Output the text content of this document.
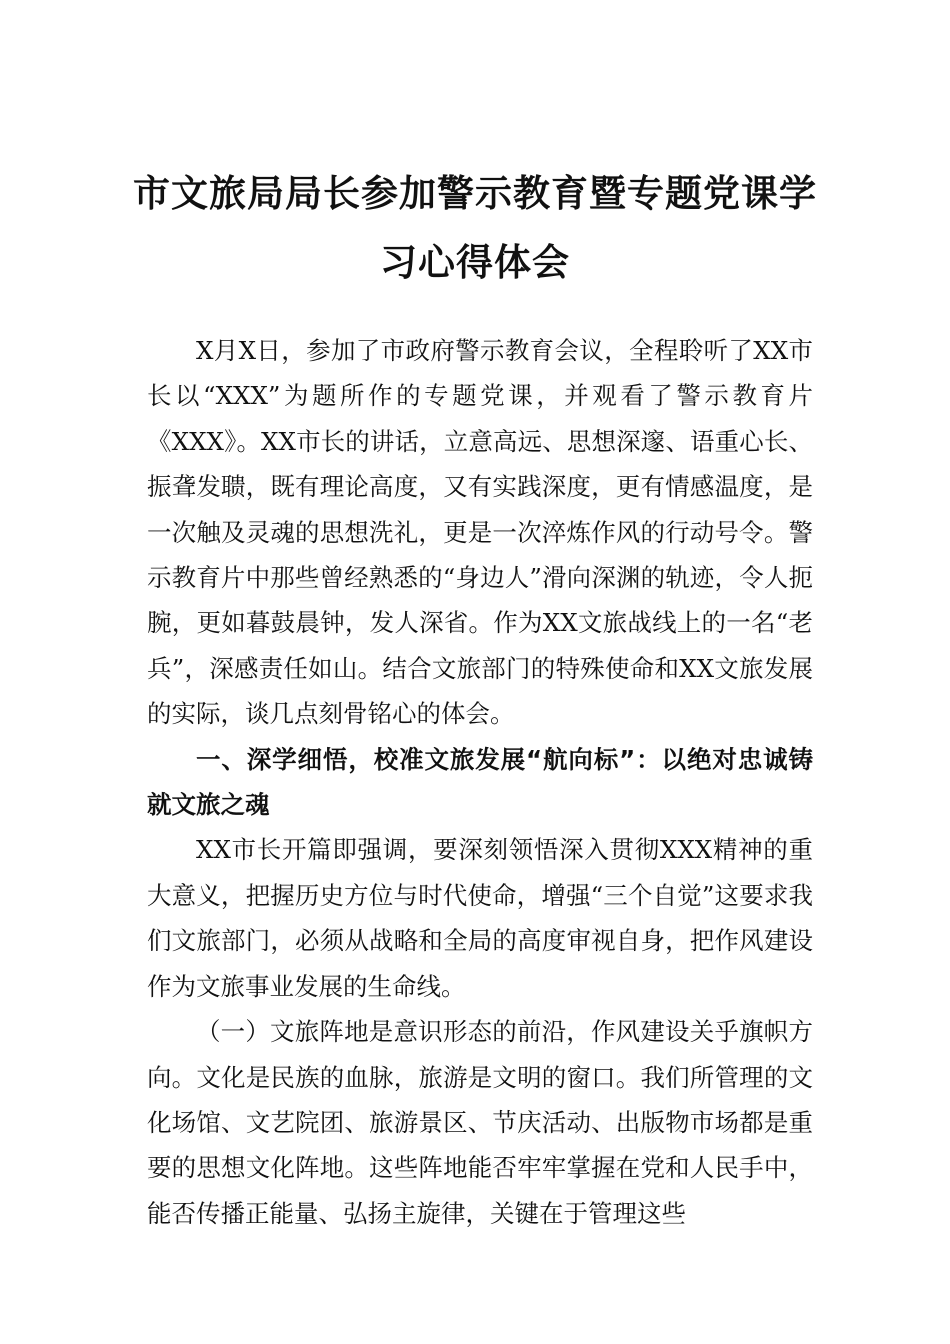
市文旅局局长参加警示教育暨专题党课学
习心得体会

X月X日，参加了市政府警示教育会议，全程聆听了XX市长以“XXX”为题所作的专题党课，并观看了警示教育片《XXX》。XX市长的讲话，立意高远、思想深邃、语重心长、振聋发聩，既有理论高度，又有实践深度，更有情感温度，是一次触及灵魂的思想洗礼，更是一次淬炼作风的行动号令。警示教育片中那些曾经熟悉的“身边人”滑向深渊的轨迹，令人扼腕，更如暮鼓晨钟，发人深省。作为XX文旅战线上的一名“老兵”，深感责任如山。结合文旅部门的特殊使命和XX文旅发展的实际，谈几点刻骨铭心的体会。

一、深学细悟，校准文旅发展“航向标”：以绝对忠诚铸就文旅之魂

XX市长开篇即强调，要深刻领悟深入贯彻XXX精神的重大意义，把握历史方位与时代使命，增强“三个自觉”这要求我们文旅部门，必须从战略和全局的高度审视自身，把作风建设作为文旅事业发展的生命线。

（一）文旅阵地是意识形态的前沿，作风建设关乎旗帜方向。文化是民族的血脉，旅游是文明的窗口。我们所管理的文化场馆、文艺院团、旅游景区、节庆活动、出版物市场都是重要的思想文化阵地。这些阵地能否牢牢掌握在党和人民手中，能否传播正能量、弘扬主旋律，关键在于管理这些
